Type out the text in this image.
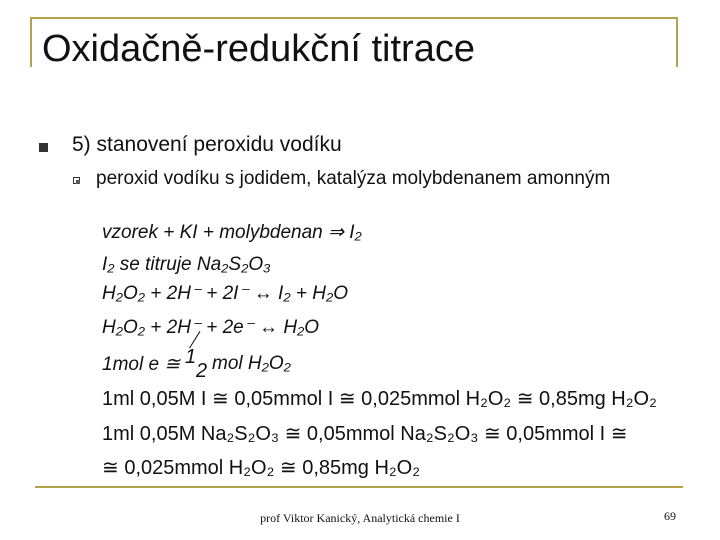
Oxidačně-redukční titrace
5) stanovení peroxidu vodíku
peroxid vodíku s jodidem, katalýza molybdenanem amonným
vzorek + KI + molybdenan ⇒ I₂
I₂ se titruje Na₂S₂O₃
H₂O₂ + 2H⁻ + 2I⁻ ↔ I₂ + H₂O
H₂O₂ + 2H⁻ + 2e⁻ ↔ H₂O
1mol e ≅ 1
2 mol H₂O₂
1ml 0,05M I ≅ 0,05mmol I ≅ 0,025mmol H₂O₂ ≅ 0,85mg H₂O₂
1ml 0,05M Na₂S₂O₃ ≅ 0,05mmol Na₂S₂O₃ ≅ 0,05mmol I ≅
≅ 0,025mmol H₂O₂ ≅ 0,85mg H₂O₂
prof Viktor Kanický, Analytická chemie I	69
